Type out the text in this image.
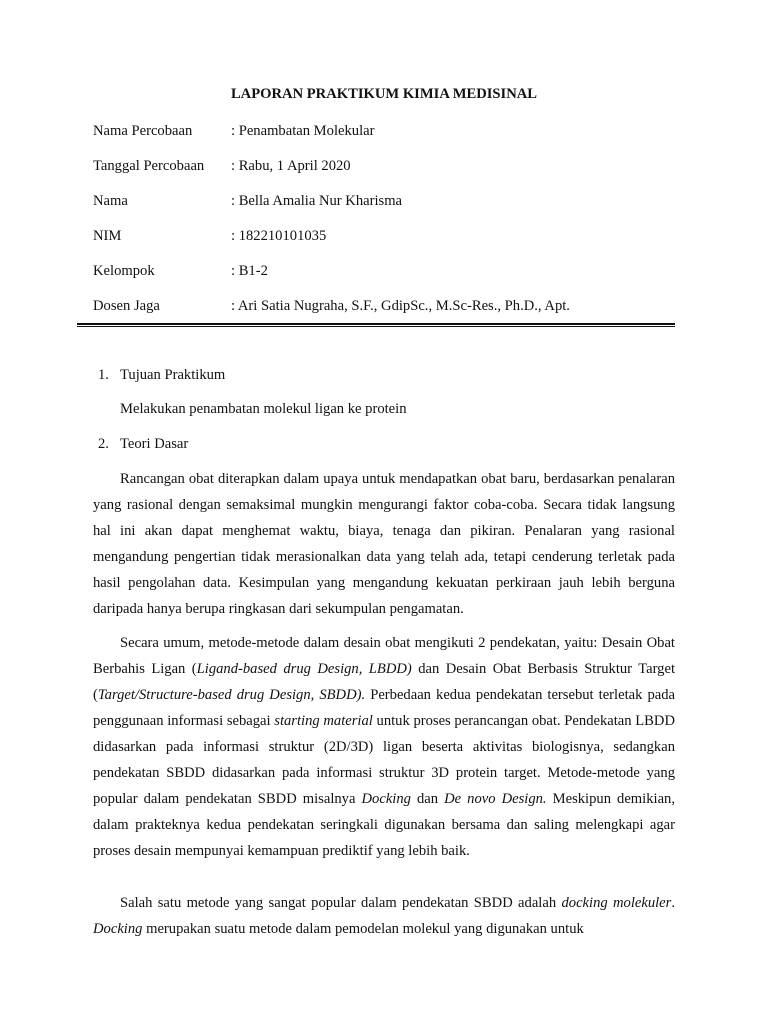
LAPORAN PRAKTIKUM KIMIA MEDISINAL
Nama Percobaan	: Penambatan Molekular
Tanggal Percobaan : Rabu, 1 April 2020
Nama	: Bella Amalia Nur Kharisma
NIM	: 182210101035
Kelompok	: B1-2
Dosen Jaga	: Ari Satia Nugraha, S.F., GdipSc., M.Sc-Res., Ph.D., Apt.
1. Tujuan Praktikum
Melakukan penambatan molekul ligan ke protein
2. Teori Dasar

Rancangan obat diterapkan dalam upaya untuk mendapatkan obat baru, berdasarkan penalaran yang rasional dengan semaksimal mungkin mengurangi faktor coba-coba. Secara tidak langsung hal ini akan dapat menghemat waktu, biaya, tenaga dan pikiran. Penalaran yang rasional mengandung pengertian tidak merasionalkan data yang telah ada, tetapi cenderung terletak pada hasil pengolahan data. Kesimpulan yang mengandung kekuatan perkiraan jauh lebih berguna daripada hanya berupa ringkasan dari sekumpulan pengamatan.

Secara umum, metode-metode dalam desain obat mengikuti 2 pendekatan, yaitu: Desain Obat Berbahis Ligan (Ligand-based drug Design, LBDD) dan Desain Obat Berbasis Struktur Target (Target/Structure-based drug Design, SBDD). Perbedaan kedua pendekatan tersebut terletak pada penggunaan informasi sebagai starting material untuk proses perancangan obat. Pendekatan LBDD didasarkan pada informasi struktur (2D/3D) ligan beserta aktivitas biologisnya, sedangkan pendekatan SBDD didasarkan pada informasi struktur 3D protein target. Metode-metode yang popular dalam pendekatan SBDD misalnya Docking dan De novo Design. Meskipun demikian, dalam prakteknya kedua pendekatan seringkali digunakan bersama dan saling melengkapi agar proses desain mempunyai kemampuan prediktif yang lebih baik.

Salah satu metode yang sangat popular dalam pendekatan SBDD adalah docking molekuler. Docking merupakan suatu metode dalam pemodelan molekul yang digunakan untuk
